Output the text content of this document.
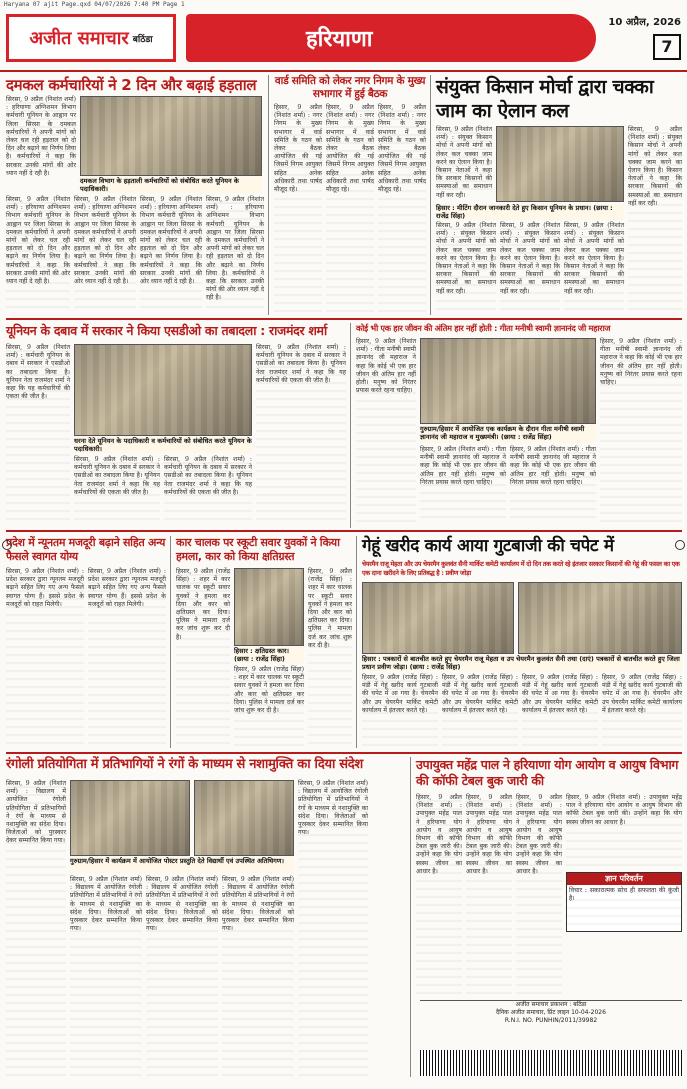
Haryana 07 ajit Page.qxd 04/07/2026 7:40 PM Page 1
अजीत समाचार बठिंडा	हरियाणा
10 अप्रैल, 2026
7
दमकल कर्मचारियों ने 2 दिन और बढ़ाई हड़ताल
सिरसा, 9 अप्रैल (निशांत शर्मा) : हरियाणा अग्निशमन विभाग कर्मचारी यूनियन के आह्वान पर जिला सिरसा के दमकल कर्मचारियों ने अपनी मांगों को लेकर चल रही हड़ताल को दो दिन और बढ़ाने का निर्णय लिया है। कर्मचारियों ने कहा कि सरकार उनकी मांगों की ओर ध्यान नहीं दे रही है।
दमकल विभाग के हड़ताली कर्मचारियों को संबोधित करते यूनियन के पदाधिकारी।
सिरसा, 9 अप्रैल (निशांत शर्मा) : हरियाणा अग्निशमन विभाग कर्मचारी यूनियन के आह्वान पर जिला सिरसा के दमकल कर्मचारियों ने अपनी मांगों को लेकर चल रही हड़ताल को दो दिन और बढ़ाने का निर्णय लिया है। कर्मचारियों ने कहा कि सरकार उनकी मांगों की ओर ध्यान नहीं दे रही है।
सिरसा, 9 अप्रैल (निशांत शर्मा) : हरियाणा अग्निशमन विभाग कर्मचारी यूनियन के आह्वान पर जिला सिरसा के दमकल कर्मचारियों ने अपनी मांगों को लेकर चल रही हड़ताल को दो दिन और बढ़ाने का निर्णय लिया है। कर्मचारियों ने कहा कि सरकार उनकी मांगों की ओर ध्यान नहीं दे रही है।
सिरसा, 9 अप्रैल (निशांत शर्मा) : हरियाणा अग्निशमन विभाग कर्मचारी यूनियन के आह्वान पर जिला सिरसा के दमकल कर्मचारियों ने अपनी मांगों को लेकर चल रही हड़ताल को दो दिन और बढ़ाने का निर्णय लिया है। कर्मचारियों ने कहा कि सरकार उनकी मांगों की ओर ध्यान नहीं दे रही है।
सिरसा, 9 अप्रैल (निशांत शर्मा) : हरियाणा अग्निशमन विभाग कर्मचारी यूनियन के आह्वान पर जिला सिरसा के दमकल कर्मचारियों ने अपनी मांगों को लेकर चल रही हड़ताल को दो दिन और बढ़ाने का निर्णय लिया है। कर्मचारियों ने कहा कि सरकार उनकी मांगों की ओर ध्यान नहीं दे रही है।
वार्ड समिति को लेकर नगर निगम के मुख्य सभागार में हुई बैठक
हिसार, 9 अप्रैल (निशांत शर्मा) : नगर निगम के मुख्य सभागार में वार्ड समिति के गठन को लेकर बैठक आयोजित की गई जिसमें निगम आयुक्त सहित अनेक अधिकारी तथा पार्षद मौजूद रहे।
हिसार, 9 अप्रैल (निशांत शर्मा) : नगर निगम के मुख्य सभागार में वार्ड समिति के गठन को लेकर बैठक आयोजित की गई जिसमें निगम आयुक्त सहित अनेक अधिकारी तथा पार्षद मौजूद रहे।
हिसार, 9 अप्रैल (निशांत शर्मा) : नगर निगम के मुख्य सभागार में वार्ड समिति के गठन को लेकर बैठक आयोजित की गई जिसमें निगम आयुक्त सहित अनेक अधिकारी तथा पार्षद मौजूद रहे।
संयुक्त किसान मोर्चा द्वारा चक्का जाम का ऐलान कल
सिरसा, 9 अप्रैल (निशांत शर्मा) : संयुक्त किसान मोर्चा ने अपनी मांगों को लेकर कल चक्का जाम करने का ऐलान किया है। किसान नेताओं ने कहा कि सरकार किसानों की समस्याओं का समाधान नहीं कर रही।
हिसार : मीटिंग दौरान जानकारी देते हुए किसान यूनियन के प्रधान। (छाया : राजेंद्र सिंहा)
सिरसा, 9 अप्रैल (निशांत शर्मा) : संयुक्त किसान मोर्चा ने अपनी मांगों को लेकर कल चक्का जाम करने का ऐलान किया है। किसान नेताओं ने कहा कि सरकार किसानों की समस्याओं का समाधान नहीं कर रही।
सिरसा, 9 अप्रैल (निशांत शर्मा) : संयुक्त किसान मोर्चा ने अपनी मांगों को लेकर कल चक्का जाम करने का ऐलान किया है। किसान नेताओं ने कहा कि सरकार किसानों की समस्याओं का समाधान नहीं कर रही।
सिरसा, 9 अप्रैल (निशांत शर्मा) : संयुक्त किसान मोर्चा ने अपनी मांगों को लेकर कल चक्का जाम करने का ऐलान किया है। किसान नेताओं ने कहा कि सरकार किसानों की समस्याओं का समाधान नहीं कर रही।
सिरसा, 9 अप्रैल (निशांत शर्मा) : संयुक्त किसान मोर्चा ने अपनी मांगों को लेकर कल चक्का जाम करने का ऐलान किया है। किसान नेताओं ने कहा कि सरकार किसानों की समस्याओं का समाधान नहीं कर रही।
यूनियन के दबाव में सरकार ने किया एसडीओ का तबादला : राजमंदर शर्मा
सिरसा, 9 अप्रैल (निशांत शर्मा) : कर्मचारी यूनियन के दबाव में सरकार ने एसडीओ का तबादला किया है। यूनियन नेता राजमंदर शर्मा ने कहा कि यह कर्मचारियों की एकता की जीत है।
धरना देते यूनियन के पदाधिकारी व कर्मचारियों को संबोधित करते यूनियन के पदाधिकारी।
सिरसा, 9 अप्रैल (निशांत शर्मा) : कर्मचारी यूनियन के दबाव में सरकार ने एसडीओ का तबादला किया है। यूनियन नेता राजमंदर शर्मा ने कहा कि यह कर्मचारियों की एकता की जीत है।
सिरसा, 9 अप्रैल (निशांत शर्मा) : कर्मचारी यूनियन के दबाव में सरकार ने एसडीओ का तबादला किया है। यूनियन नेता राजमंदर शर्मा ने कहा कि यह कर्मचारियों की एकता की जीत है।
सिरसा, 9 अप्रैल (निशांत शर्मा) : कर्मचारी यूनियन के दबाव में सरकार ने एसडीओ का तबादला किया है। यूनियन नेता राजमंदर शर्मा ने कहा कि यह कर्मचारियों की एकता की जीत है।
कोई भी एक हार जीवन की अंतिम हार नहीं होती : गीता मनीषी स्वामी ज्ञानानंद जी महाराज
हिसार, 9 अप्रैल (निशांत शर्मा) : गीता मनीषी स्वामी ज्ञानानंद जी महाराज ने कहा कि कोई भी एक हार जीवन की अंतिम हार नहीं होती। मनुष्य को निरंतर प्रयास करते रहना चाहिए।
गुरुग्राम/हिसार में आयोजित एक कार्यक्रम के दौरान गीता मनीषी स्वामी ज्ञानानंद जी महाराज व मुख्यमंत्री। (छाया : राजेंद्र सिंहा)
हिसार, 9 अप्रैल (निशांत शर्मा) : गीता मनीषी स्वामी ज्ञानानंद जी महाराज ने कहा कि कोई भी एक हार जीवन की अंतिम हार नहीं होती। मनुष्य को निरंतर प्रयास करते रहना चाहिए।
हिसार, 9 अप्रैल (निशांत शर्मा) : गीता मनीषी स्वामी ज्ञानानंद जी महाराज ने कहा कि कोई भी एक हार जीवन की अंतिम हार नहीं होती। मनुष्य को निरंतर प्रयास करते रहना चाहिए।
हिसार, 9 अप्रैल (निशांत शर्मा) : गीता मनीषी स्वामी ज्ञानानंद जी महाराज ने कहा कि कोई भी एक हार जीवन की अंतिम हार नहीं होती। मनुष्य को निरंतर प्रयास करते रहना चाहिए।
प्रदेश में न्यूनतम मजदूरी बढ़ाने सहित अन्य फैसले स्वागत योग्य
सिरसा, 9 अप्रैल (निशांत शर्मा) : प्रदेश सरकार द्वारा न्यूनतम मजदूरी बढ़ाने सहित लिए गए अन्य फैसले स्वागत योग्य हैं। इससे प्रदेश के मजदूरों को राहत मिलेगी।
सिरसा, 9 अप्रैल (निशांत शर्मा) : प्रदेश सरकार द्वारा न्यूनतम मजदूरी बढ़ाने सहित लिए गए अन्य फैसले स्वागत योग्य हैं। इससे प्रदेश के मजदूरों को राहत मिलेगी।
कार चालक पर स्कूटी सवार युवकों ने किया हमला, कार को किया क्षतिग्रस्त
हिसार, 9 अप्रैल (राजेंद्र सिंहा) : शहर में कार चालक पर स्कूटी सवार युवकों ने हमला कर दिया और कार को क्षतिग्रस्त कर दिया। पुलिस ने मामला दर्ज कर जांच शुरू कर दी है।
हिसार : क्षतिग्रस्त कार। (छाया : राजेंद्र सिंहा)
हिसार, 9 अप्रैल (राजेंद्र सिंहा) : शहर में कार चालक पर स्कूटी सवार युवकों ने हमला कर दिया और कार को क्षतिग्रस्त कर दिया। पुलिस ने मामला दर्ज कर जांच शुरू कर दी है।
हिसार, 9 अप्रैल (राजेंद्र सिंहा) : शहर में कार चालक पर स्कूटी सवार युवकों ने हमला कर दिया और कार को क्षतिग्रस्त कर दिया। पुलिस ने मामला दर्ज कर जांच शुरू कर दी है।
गेहूं खरीद कार्य आया गुटबाजी की चपेट में
चेयरमैन राजू मेहता और उप चेयरमैन कुलवंत सैनी मार्किट कमेटी कार्यालय में दो दिन तक करते रहे इंतजार सरकार किसानों की गेहूं की फसल का एक एक दाना खरीदने के लिए प्रतिबद्ध है : प्रवीण जोड़ा
हिसार : पत्रकारों से बातचीत करते हुए चेयरमैन राजू मेहता व उप चेयरमैन कुलवंत सैनी तथा (दाएं) पत्रकारों से बातचीत करते हुए जिला प्रधान प्रवीण जोड़ा। (छाया : राजेंद्र सिंहा)
हिसार, 9 अप्रैल (राजेंद्र सिंहा) : मंडी में गेहूं खरीद कार्य गुटबाजी की चपेट में आ गया है। चेयरमैन और उप चेयरमैन मार्किट कमेटी कार्यालय में इंतजार करते रहे।
हिसार, 9 अप्रैल (राजेंद्र सिंहा) : मंडी में गेहूं खरीद कार्य गुटबाजी की चपेट में आ गया है। चेयरमैन और उप चेयरमैन मार्किट कमेटी कार्यालय में इंतजार करते रहे।
हिसार, 9 अप्रैल (राजेंद्र सिंहा) : मंडी में गेहूं खरीद कार्य गुटबाजी की चपेट में आ गया है। चेयरमैन और उप चेयरमैन मार्किट कमेटी कार्यालय में इंतजार करते रहे।
हिसार, 9 अप्रैल (राजेंद्र सिंहा) : मंडी में गेहूं खरीद कार्य गुटबाजी की चपेट में आ गया है। चेयरमैन और उप चेयरमैन मार्किट कमेटी कार्यालय में इंतजार करते रहे।
रंगोली प्रतियोगिता में प्रतिभागियों ने रंगों के माध्यम से नशामुक्ति का दिया संदेश
सिरसा, 9 अप्रैल (निशांत शर्मा) : विद्यालय में आयोजित रंगोली प्रतियोगिता में प्रतिभागियों ने रंगों के माध्यम से नशामुक्ति का संदेश दिया। विजेताओं को पुरस्कार देकर सम्मानित किया गया।
गुरुग्राम/हिसार में कार्यक्रम में आयोजित पोस्टर प्रस्तुति देते विद्यार्थी एवं उपस्थित अतिथिगण।
सिरसा, 9 अप्रैल (निशांत शर्मा) : विद्यालय में आयोजित रंगोली प्रतियोगिता में प्रतिभागियों ने रंगों के माध्यम से नशामुक्ति का संदेश दिया। विजेताओं को पुरस्कार देकर सम्मानित किया गया।
सिरसा, 9 अप्रैल (निशांत शर्मा) : विद्यालय में आयोजित रंगोली प्रतियोगिता में प्रतिभागियों ने रंगों के माध्यम से नशामुक्ति का संदेश दिया। विजेताओं को पुरस्कार देकर सम्मानित किया गया।
सिरसा, 9 अप्रैल (निशांत शर्मा) : विद्यालय में आयोजित रंगोली प्रतियोगिता में प्रतिभागियों ने रंगों के माध्यम से नशामुक्ति का संदेश दिया। विजेताओं को पुरस्कार देकर सम्मानित किया गया।
सिरसा, 9 अप्रैल (निशांत शर्मा) : विद्यालय में आयोजित रंगोली प्रतियोगिता में प्रतिभागियों ने रंगों के माध्यम से नशामुक्ति का संदेश दिया। विजेताओं को पुरस्कार देकर सम्मानित किया गया।
उपायुक्त महेंद्र पाल ने हरियाणा योग आयोग व आयुष विभाग की कॉफी टेबल बुक जारी की
हिसार, 9 अप्रैल (निशांत शर्मा) : उपायुक्त महेंद्र पाल ने हरियाणा योग आयोग व आयुष विभाग की कॉफी टेबल बुक जारी की। उन्होंने कहा कि योग स्वस्थ जीवन का आधार है।
हिसार, 9 अप्रैल (निशांत शर्मा) : उपायुक्त महेंद्र पाल ने हरियाणा योग आयोग व आयुष विभाग की कॉफी टेबल बुक जारी की। उन्होंने कहा कि योग स्वस्थ जीवन का आधार है।
हिसार, 9 अप्रैल (निशांत शर्मा) : उपायुक्त महेंद्र पाल ने हरियाणा योग आयोग व आयुष विभाग की कॉफी टेबल बुक जारी की। उन्होंने कहा कि योग स्वस्थ जीवन का आधार है।
हिसार, 9 अप्रैल (निशांत शर्मा) : उपायुक्त महेंद्र पाल ने हरियाणा योग आयोग व आयुष विभाग की कॉफी टेबल बुक जारी की। उन्होंने कहा कि योग स्वस्थ जीवन का आधार है।
ज्ञान परिवर्तन
विचार : सकारात्मक सोच ही सफलता की कुंजी है।
अजीत समाचार प्रकाशन : बठिंडा
दैनिक अजीत समाचार, प्रिंट लाइन 10-04-2026
R.N.I. NO. PUNHIN/2011/39982
